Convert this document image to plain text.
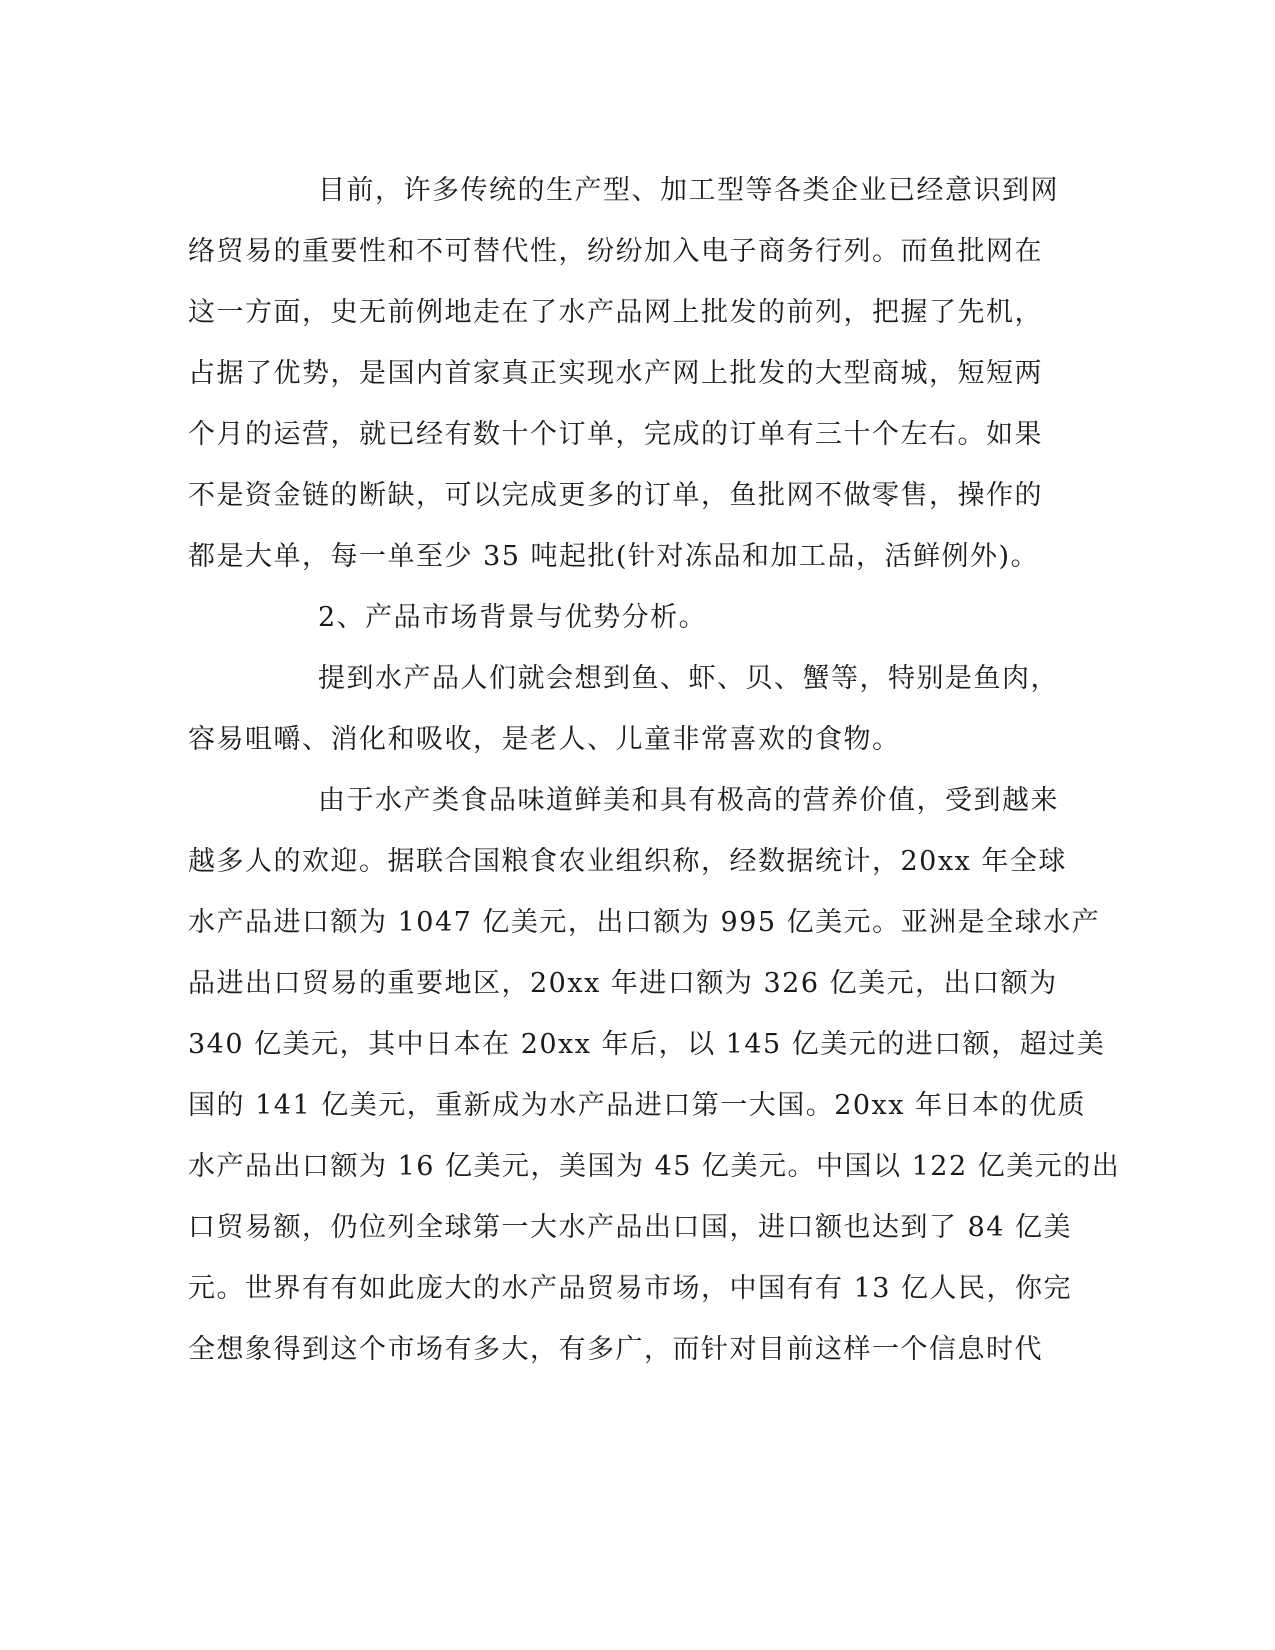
目前，许多传统的生产型、加工型等各类企业已经意识到网
络贸易的重要性和不可替代性，纷纷加入电子商务行列。而鱼批网在
这一方面，史无前例地走在了水产品网上批发的前列，把握了先机，
占据了优势，是国内首家真正实现水产网上批发的大型商城，短短两
个月的运营，就已经有数十个订单，完成的订单有三十个左右。如果
不是资金链的断缺，可以完成更多的订单，鱼批网不做零售，操作的
都是大单，每一单至少 35 吨起批(针对冻品和加工品，活鲜例外)。
2、产品市场背景与优势分析。
提到水产品人们就会想到鱼、虾、贝、蟹等，特别是鱼肉，
容易咀嚼、消化和吸收，是老人、儿童非常喜欢的食物。
由于水产类食品味道鲜美和具有极高的营养价值，受到越来
越多人的欢迎。据联合国粮食农业组织称，经数据统计，20xx 年全球
水产品进口额为 1047 亿美元，出口额为 995 亿美元。亚洲是全球水产
品进出口贸易的重要地区，20xx 年进口额为 326 亿美元，出口额为
340 亿美元，其中日本在 20xx 年后，以 145 亿美元的进口额，超过美
国的 141 亿美元，重新成为水产品进口第一大国。20xx 年日本的优质
水产品出口额为 16 亿美元，美国为 45 亿美元。中国以 122 亿美元的出
口贸易额，仍位列全球第一大水产品出口国，进口额也达到了 84 亿美
元。世界有有如此庞大的水产品贸易市场，中国有有 13 亿人民，你完
全想象得到这个市场有多大，有多广，而针对目前这样一个信息时代
